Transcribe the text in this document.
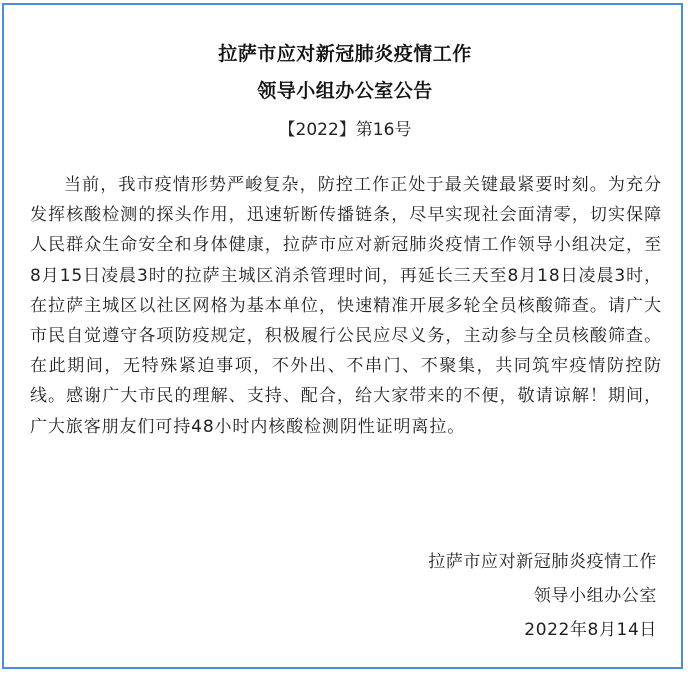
拉萨市应对新冠肺炎疫情工作
领导小组办公室公告
【2022】第16号

当前，我市疫情形势严峻复杂，防控工作正处于最关键最紧要时刻。为充分发挥核酸检测的探头作用，迅速斩断传播链条，尽早实现社会面清零，切实保障人民群众生命安全和身体健康，拉萨市应对新冠肺炎疫情工作领导小组决定，至8月15日凌晨3时的拉萨主城区消杀管理时间，再延长三天至8月18日凌晨3时，在拉萨主城区以社区网格为基本单位，快速精准开展多轮全员核酸筛查。请广大市民自觉遵守各项防疫规定，积极履行公民应尽义务，主动参与全员核酸筛查。在此期间，无特殊紧迫事项，不外出、不串门、不聚集，共同筑牢疫情防控防线。感谢广大市民的理解、支持、配合，给大家带来的不便，敬请谅解！期间，广大旅客朋友们可持48小时内核酸检测阴性证明离拉。

拉萨市应对新冠肺炎疫情工作
领导小组办公室
2022年8月14日
